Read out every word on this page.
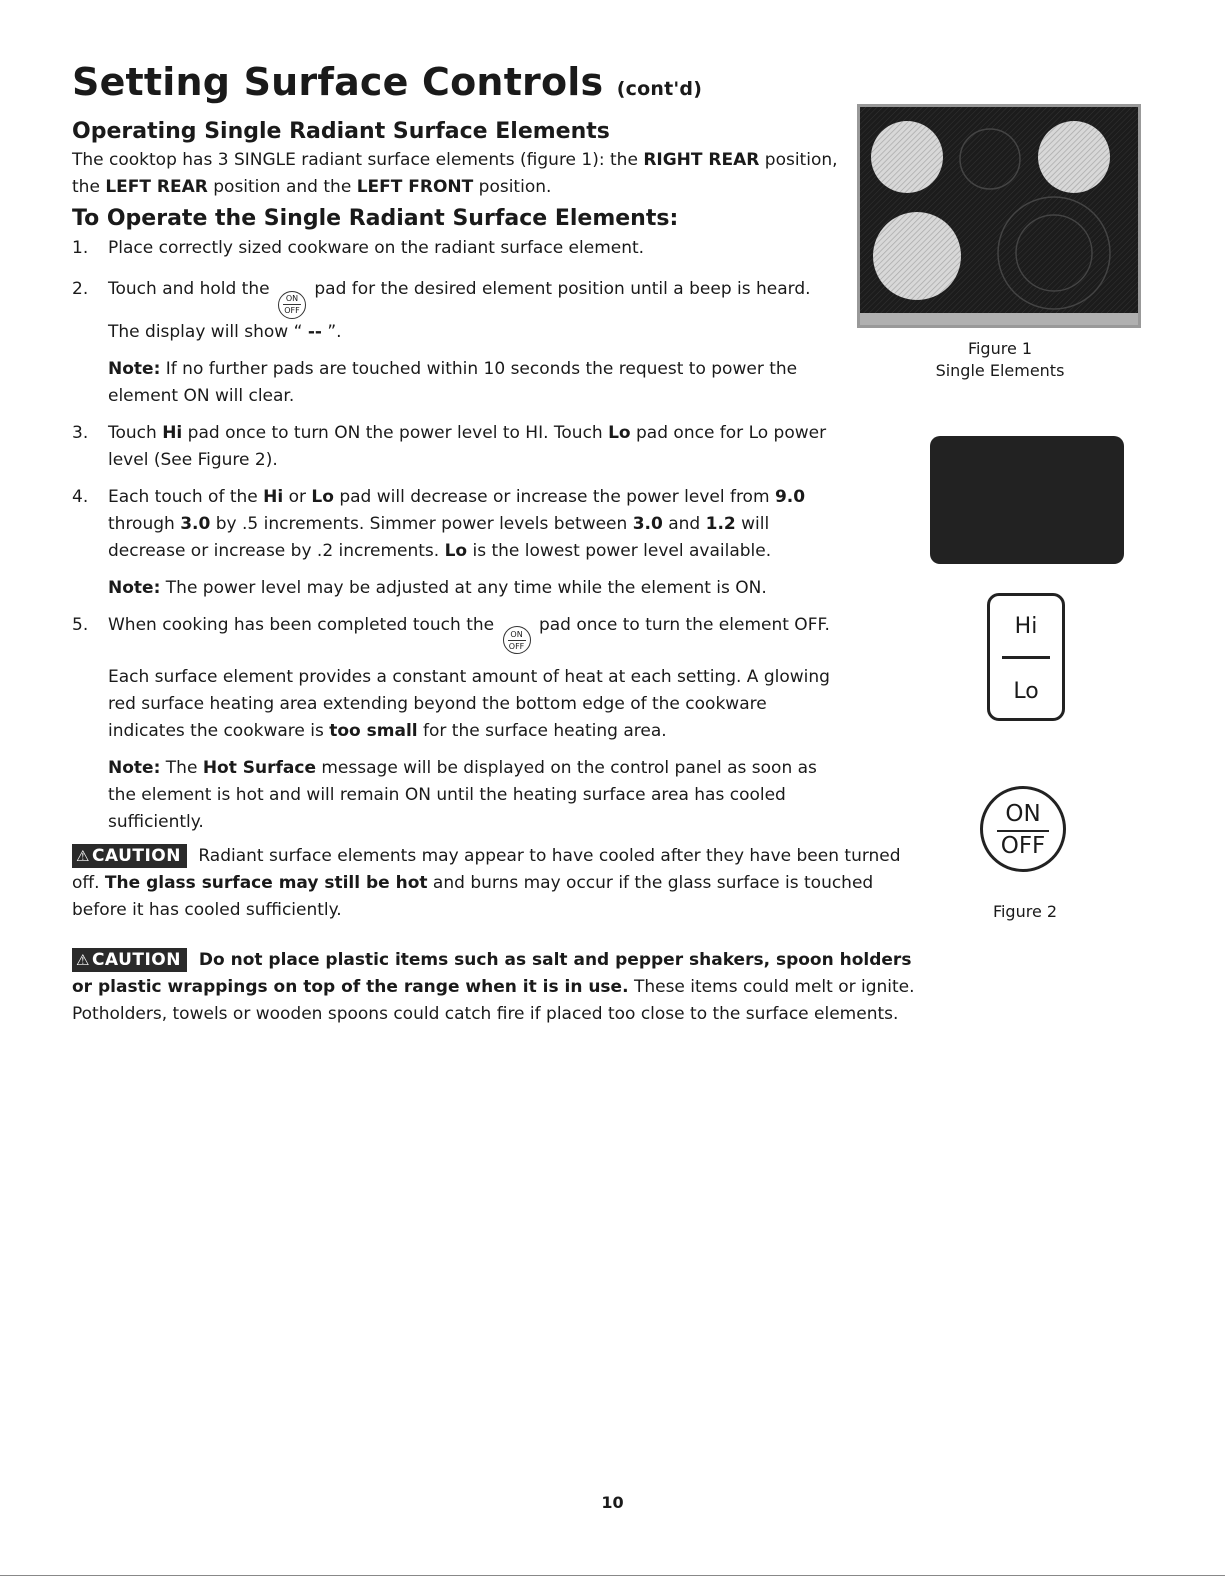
Setting Surface Controls (cont'd)
Operating Single Radiant Surface Elements
The cooktop has 3 SINGLE radiant surface elements (figure 1): the RIGHT REAR position, the LEFT REAR position and the LEFT FRONT position.
To Operate the Single Radiant Surface Elements:
1. Place correctly sized cookware on the radiant surface element.
2. Touch and hold the ON
OFF
pad for the desired element position until a beep is heard. The display will show “ -- ”.
Note: If no further pads are touched within 10 seconds the request to power the element ON will clear.
3. Touch Hi pad once to turn ON the power level to HI. Touch Lo pad once for Lo power level (See Figure 2).
4. Each touch of the Hi or Lo pad will decrease or increase the power level from 9.0 through 3.0 by .5 increments. Simmer power levels between 3.0 and 1.2 will decrease or increase by .2 increments. Lo is the lowest power level available.
Note: The power level may be adjusted at any time while the element is ON.
5. When cooking has been completed touch the ON
OFF
pad once to turn the element OFF.
Each surface element provides a constant amount of heat at each setting. A glowing red surface heating area extending beyond the bottom edge of the cookware indicates the cookware is too small for the surface heating area.
Note: The Hot Surface message will be displayed on the control panel as soon as the element is hot and will remain ON until the heating surface area has cooled sufficiently.
⚠ CAUTION Radiant surface elements may appear to have cooled after they have been turned off. The glass surface may still be hot and burns may occur if the glass surface is touched before it has cooled sufficiently.
⚠ CAUTION Do not place plastic items such as salt and pepper shakers, spoon holders or plastic wrappings on top of the range when it is in use. These items could melt or ignite. Potholders, towels or wooden spoons could catch fire if placed too close to the surface elements.
Figure 1
Single Elements
Hi
Lo
ON
OFF
Figure 2
10
